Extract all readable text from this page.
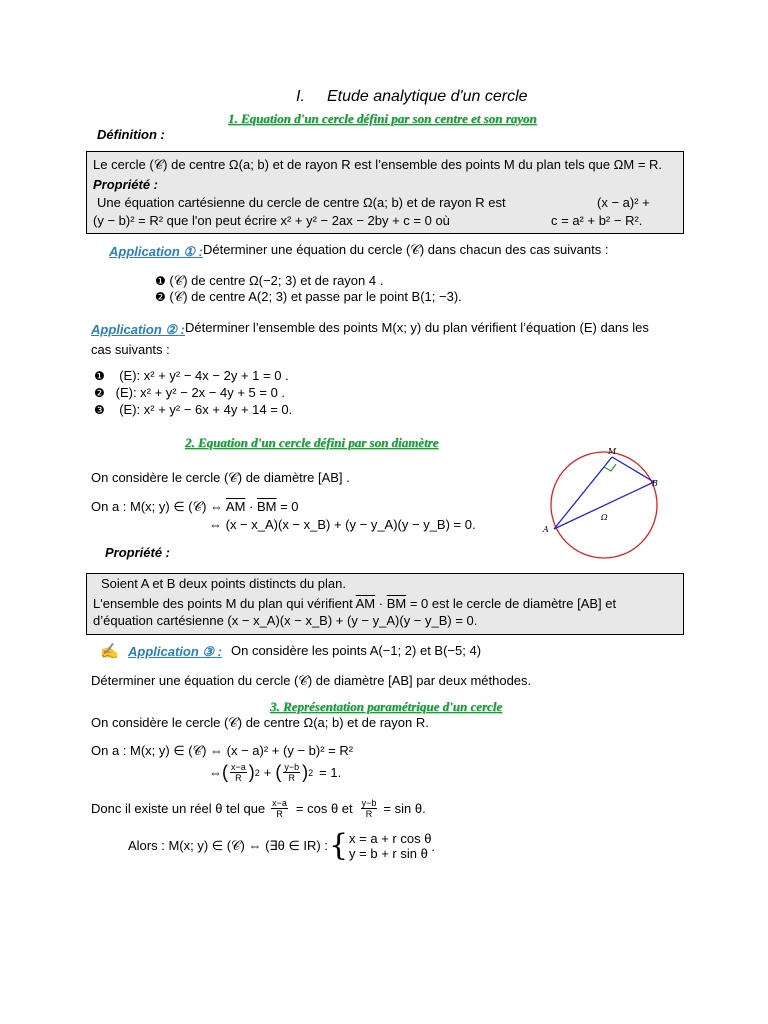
I. Etude analytique d'un cercle
1. Equation d'un cercle défini par son centre et son rayon
Définition :
Le cercle (𝒞) de centre Ω(a; b) et de rayon R est l’ensemble des points M du plan tels que ΩM = R.
Propriété :
Une équation cartésienne du cercle de centre Ω(a; b) et de rayon R est	(x − a)² +
(y − b)² = R² que l'on peut écrire x² + y² − 2ax − 2by + c = 0 où	c = a² + b² − R².
Application ① : Déterminer une équation du cercle (𝒞) dans chacun des cas suivants :
❶ (𝒞) de centre Ω(−2; 3) et de rayon 4 .
❷ (𝒞) de centre A(2; 3) et passe par le point B(1; −3).
Application ② : Déterminer l’ensemble des points M(x; y) du plan vérifient l’équation (E) dans les
cas suivants :
❶ (E): x² + y² − 4x − 2y + 1 = 0 .
❷ (E): x² + y² − 2x − 4y + 5 = 0 .
❸ (E): x² + y² − 6x + 4y + 14 = 0.
2. Equation d'un cercle défini par son diamètre
On considère le cercle (𝒞) de diamètre [AB] .
On a : M(x; y) ∈ (𝒞) ⇔ $\overline{AM} \cdot \overline{BM} = 0$
⇔ (x − x_A)(x − x_B) + (y − y_A)(y − y_B) = 0.
Propriété :
M
B
A
Ω
Soient A et B deux points distincts du plan.
L'ensemble des points M du plan qui vérifient $\overline{AM} \cdot \overline{BM} = 0$ est le cercle de diamètre [AB] et
d’équation cartésienne (x − x_A)(x − x_B) + (y − y_A)(y − y_B) = 0.
✍ Application ③ : On considère les points A(−1; 2) et B(−5; 4)
Déterminer une équation du cercle (𝒞) de diamètre [AB] par deux méthodes.
3. Représentation paramétrique d'un cercle
On considère le cercle (𝒞) de centre Ω(a; b) et de rayon R.
On a : M(x; y) ∈ (𝒞) ⇔ (x − a)² + (y − b)² = R²
⇔ ( $\frac{x-a}{R}$ ) 2 + ( $\frac{y-b}{R}$ ) 2 = 1.
Donc il existe un réel θ tel que $\frac{x-a}{R} = \cos \theta$ et $\frac{y-b}{R} = \sin \theta$.
Alors : M(x; y) ∈ (𝒞) ⇔ (∃θ ∈ IR) : { x = a + r cos θ
y = b + r sin θ .
